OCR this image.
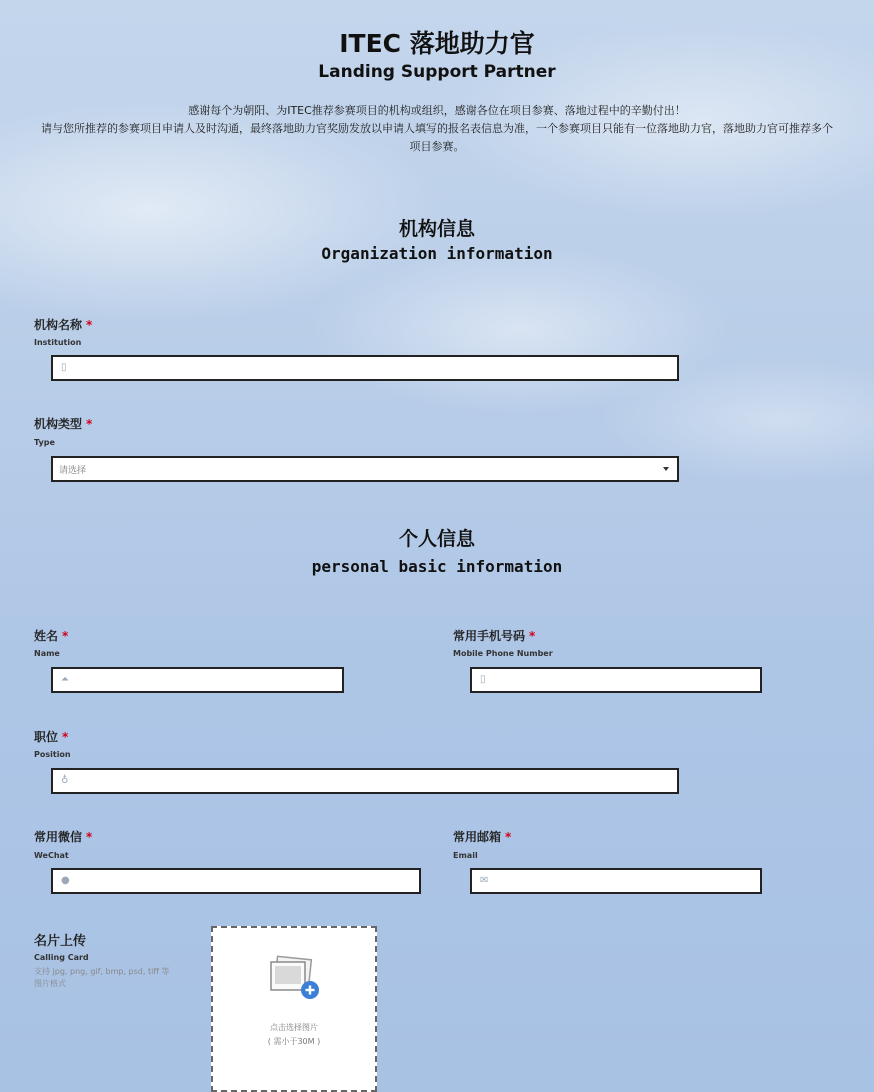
ITEC 落地助力官
Landing Support Partner
感谢每个为朝阳、为ITEC推荐参赛项目的机构或组织，感谢各位在项目参赛、落地过程中的辛勤付出！
请与您所推荐的参赛项目申请人及时沟通，最终落地助力官奖励发放以申请人填写的报名表信息为准，一个参赛项目只能有一位落地助力官，落地助力官可推荐多个项目参赛。
机构信息
Organization information
机构名称 *
Institution
▯
机构类型 *
Type
请选择
个人信息
personal basic information
姓名 *
Name
⏶
常用手机号码 *
Mobile Phone Number
▯
职位 *
Position
♁
常用微信 *
WeChat
●
常用邮箱 *
Email
✉
名片上传
Calling Card
支持 jpg, png, gif, bmp, psd, tiff 等图片格式
点击选择图片
( 需小于30M )
